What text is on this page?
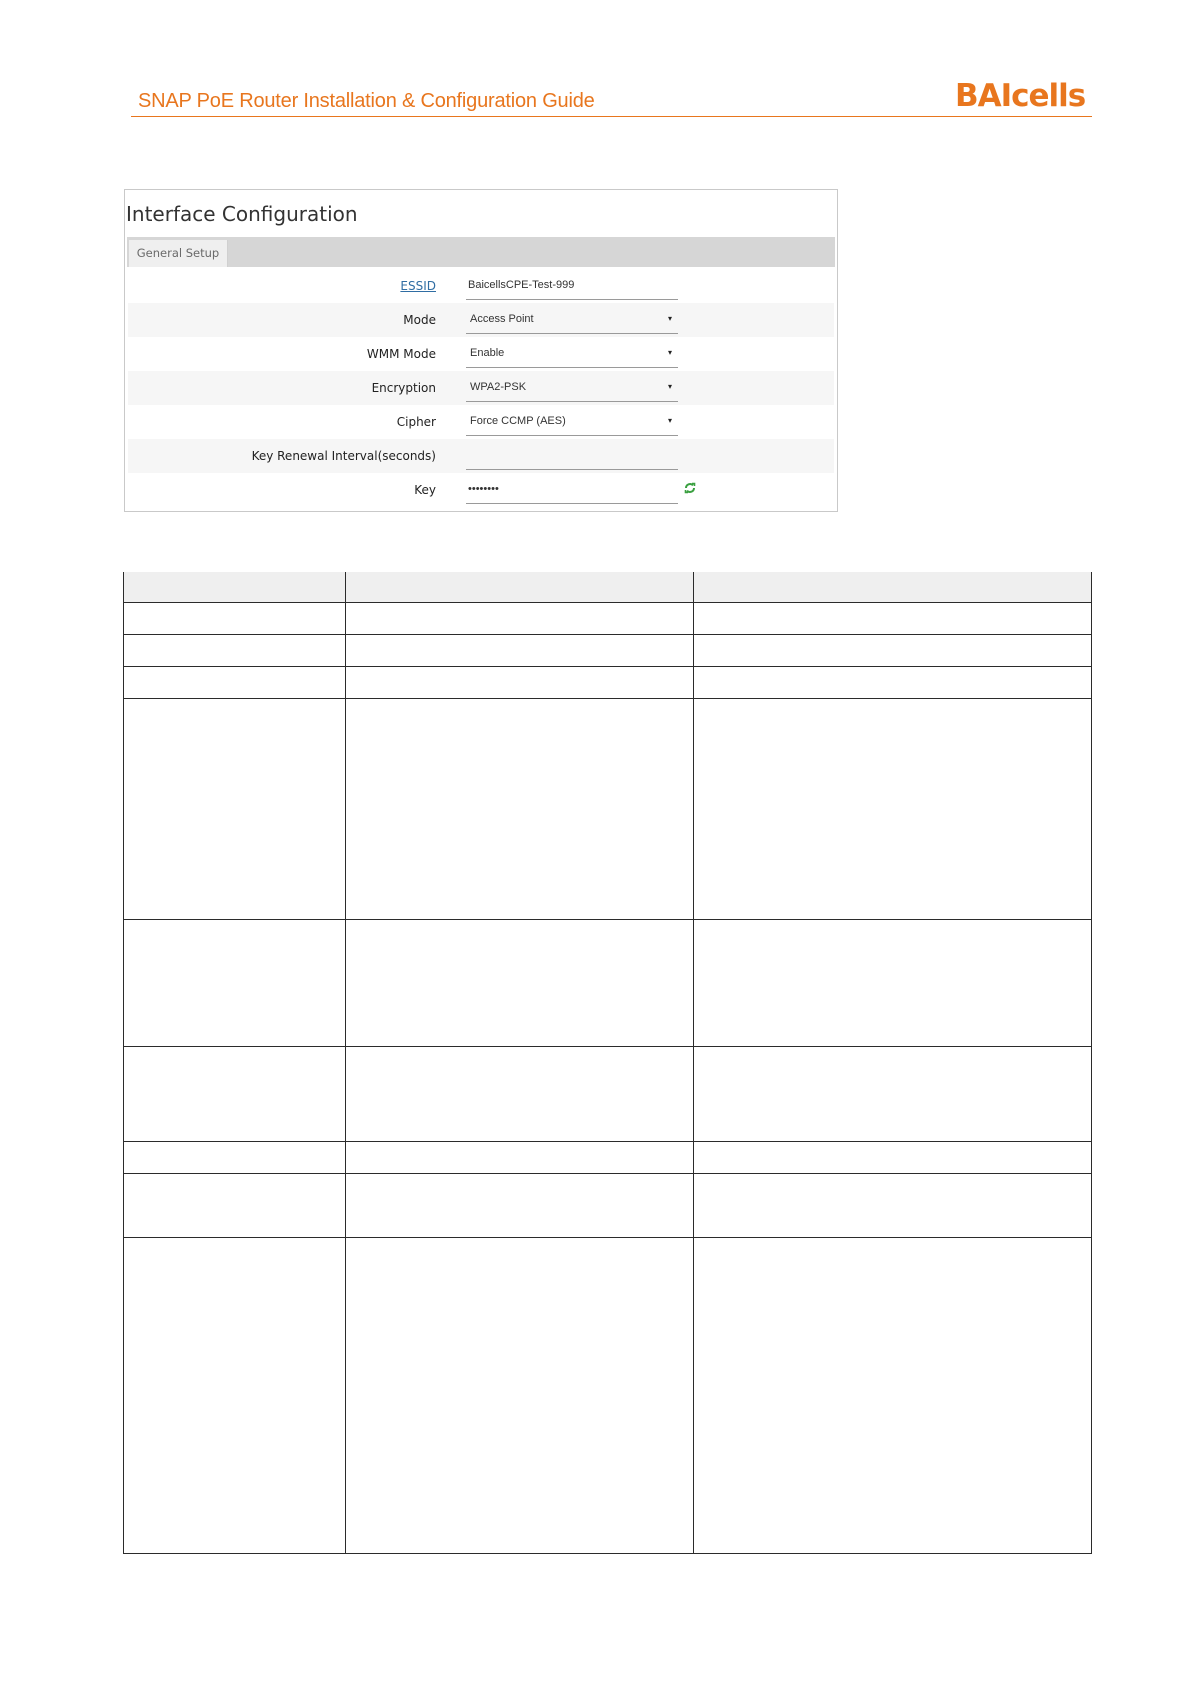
SNAP PoE Router Installation & Configuration Guide	BAIcells
Interface Configuration
General Setup
ESSID	BaicellsCPE-Test-999
Mode	Access Point	▾
WMM Mode	Enable	▾
Encryption	WPA2-PSK	▾
Cipher	Force CCMP (AES)	▾
Key Renewal Interval(seconds)
Key	••••••••
